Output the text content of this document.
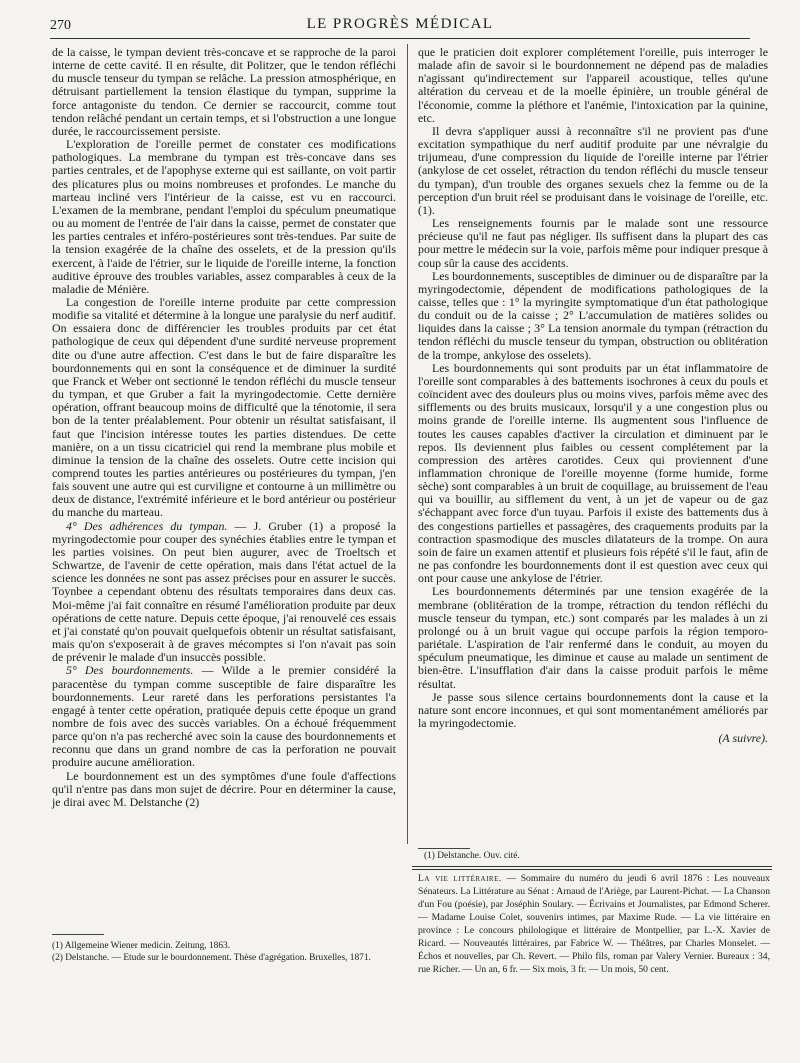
270	LE PROGRÈS MÉDICAL

de la caisse, le tympan devient très-concave et se rapproche de la paroi interne de cette cavité. Il en résulte, dit Politzer, que le tendon réfléchi du muscle tenseur du tympan se relâche. La pression atmosphérique, en détruisant partiellement la tension élastique du tympan, supprime la force antagoniste du tendon. Ce dernier se raccourcit, comme tout tendon relâché pendant un certain temps, et si l'obstruction a une longue durée, le raccourcissement persiste.

L'exploration de l'oreille permet de constater ces modifications pathologiques. La membrane du tympan est très-concave dans ses parties centrales, et de l'apophyse externe qui est saillante, on voit partir des plicatures plus ou moins nombreuses et profondes. Le manche du marteau incliné vers l'intérieur de la caisse, est vu en raccourci. L'examen de la membrane, pendant l'emploi du spéculum pneumatique ou au moment de l'entrée de l'air dans la caisse, permet de constater que les parties centrales et inféro-postérieures sont très-tendues. Par suite de la tension exagérée de la chaîne des osselets, et de la pression qu'ils exercent, à l'aide de l'étrier, sur le liquide de l'oreille interne, la fonction auditive éprouve des troubles variables, assez comparables à ceux de la maladie de Ménière.

La congestion de l'oreille interne produite par cette compression modifie sa vitalité et détermine à la longue une paralysie du nerf auditif. On essaiera donc de différencier les troubles produits par cet état pathologique de ceux qui dépendent d'une surdité nerveuse proprement dite ou d'une autre affection. C'est dans le but de faire disparaître les bourdonnements qui en sont la conséquence et de diminuer la surdité que Franck et Weber ont sectionné le tendon réfléchi du muscle tenseur du tympan, et que Gruber a fait la myringodectomie. Cette dernière opération, offrant beaucoup moins de difficulté que la ténotomie, il sera bon de la tenter préalablement. Pour obtenir un résultat satisfaisant, il faut que l'incision intéresse toutes les parties distendues. De cette manière, on a un tissu cicatriciel qui rend la membrane plus mobile et diminue la tension de la chaîne des osselets. Outre cette incision qui comprend toutes les parties antérieures ou postérieures du tympan, j'en fais souvent une autre qui est curviligne et contourne à un millimètre ou deux de distance, l'extrémité inférieure et le bord antérieur ou postérieur du manche du marteau.

4° Des adhérences du tympan. — J. Gruber (1) a proposé la myringodectomie pour couper des synéchies établies entre le tympan et les parties voisines. On peut bien augurer, avec de Troeltsch et Schwartze, de l'avenir de cette opération, mais dans l'état actuel de la science les données ne sont pas assez précises pour en assurer le succès. Toynbee a cependant obtenu des résultats temporaires dans deux cas. Moi-même j'ai fait connaître en résumé l'amélioration produite par deux opérations de cette nature. Depuis cette époque, j'ai renouvelé ces essais et j'ai constaté qu'on pouvait quelquefois obtenir un résultat satisfaisant, mais qu'on s'exposerait à de graves mécomptes si l'on n'avait pas soin de prévenir le malade d'un insuccès possible.

5° Des bourdonnements. — Wilde a le premier considéré la paracentèse du tympan comme susceptible de faire disparaître les bourdonnements. Leur rareté dans les perforations persistantes l'a engagé à tenter cette opération, pratiquée depuis cette époque un grand nombre de fois avec des succès variables. On a échoué fréquemment parce qu'on n'a pas recherché avec soin la cause des bourdonnements et reconnu que dans un grand nombre de cas la perforation ne pouvait produire aucune amélioration.

Le bourdonnement est un des symptômes d'une foule d'affections qu'il n'entre pas dans mon sujet de décrire. Pour en déterminer la cause, je dirai avec M. Delstanche (2)

que le praticien doit explorer complétement l'oreille, puis interroger le malade afin de savoir si le bourdonnement ne dépend pas de maladies n'agissant qu'indirectement sur l'appareil acoustique, telles qu'une altération du cerveau et de la moelle épinière, un trouble général de l'économie, comme la pléthore et l'anémie, l'intoxication par la quinine, etc.

Il devra s'appliquer aussi à reconnaître s'il ne provient pas d'une excitation sympathique du nerf auditif produite par une névralgie du trijumeau, d'une compression du liquide de l'oreille interne par l'étrier (ankylose de cet osselet, rétraction du tendon réfléchi du muscle tenseur du tympan), d'un trouble des organes sexuels chez la femme ou de la perception d'un bruit réel se produisant dans le voisinage de l'oreille, etc. (1).

Les renseignements fournis par le malade sont une ressource précieuse qu'il ne faut pas négliger. Ils suffisent dans la plupart des cas pour mettre le médecin sur la voie, parfois même pour indiquer presque à coup sûr la cause des accidents.

Les bourdonnements, susceptibles de diminuer ou de disparaître par la myringodectomie, dépendent de modifications pathologiques de la caisse, telles que : 1° la myringite symptomatique d'un état pathologique du conduit ou de la caisse ; 2° L'accumulation de matières solides ou liquides dans la caisse ; 3° La tension anormale du tympan (rétraction du tendon réfléchi du muscle tenseur du tympan, obstruction ou oblitération de la trompe, ankylose des osselets).

Les bourdonnements qui sont produits par un état inflammatoire de l'oreille sont comparables à des battements isochrones à ceux du pouls et coïncident avec des douleurs plus ou moins vives, parfois même avec des sifflements ou des bruits musicaux, lorsqu'il y a une congestion plus ou moins grande de l'oreille interne. Ils augmentent sous l'influence de toutes les causes capables d'activer la circulation et diminuent par le repos. Ils deviennent plus faibles ou cessent complétement par la compression des artères carotides. Ceux qui proviennent d'une inflammation chronique de l'oreille moyenne (forme humide, forme sèche) sont comparables à un bruit de coquillage, au bruissement de l'eau qui va bouillir, au sifflement du vent, à un jet de vapeur ou de gaz s'échappant avec force d'un tuyau. Parfois il existe des battements dus à des congestions partielles et passagères, des craquements produits par la contraction spasmodique des muscles dilatateurs de la trompe. On aura soin de faire un examen attentif et plusieurs fois répété s'il le faut, afin de ne pas confondre les bourdonnements dont il est question avec ceux qui ont pour cause une ankylose de l'étrier.

Les bourdonnements déterminés par une tension exagérée de la membrane (oblitération de la trompe, rétraction du tendon réfléchi du muscle tenseur du tympan, etc.) sont comparés par les malades à un zi prolongé ou à un bruit vague qui occupe parfois la région temporo-pariétale. L'aspiration de l'air renfermé dans le conduit, au moyen du spéculum pneumatique, les diminue et cause au malade un sentiment de bien-être. L'insufflation d'air dans la caisse produit parfois le même résultat.

Je passe sous silence certains bourdonnements dont la cause et la nature sont encore inconnues, et qui sont momentanément améliorés par la myringodectomie.

(A suivre).

(1) Delstanche. Ouv. cité.
La vie littéraire. — Sommaire du numéro du jeudi 6 avril 1876 : Les nouveaux Sénateurs. La Littérature au Sénat : Arnaud de l'Ariège, par Laurent-Pichat. — La Chanson d'un Fou (poésie), par Joséphin Soulary. — Écrivains et Journalistes, par Edmond Scherer. — Madame Louise Colet, souvenirs intimes, par Maxime Rude. — La vie littéraire en province : Le concours philologique et littéraire de Montpellier, par L.-X. Xavier de Ricard. — Nouveautés littéraires, par Fabrice W. — Théâtres, par Charles Monselet. — Échos et nouvelles, par Ch. Revert. — Philo fils, roman par Valery Vernier. Bureaux : 34, rue Richer. — Un an, 6 fr. — Six mois, 3 fr. — Un mois, 50 cent.
(1) Allgemeine Wiener medicin. Zeitung, 1863.
(2) Delstanche. — Etude sur le bourdonnement. Thèse d'agrégation. Bruxelles, 1871.
